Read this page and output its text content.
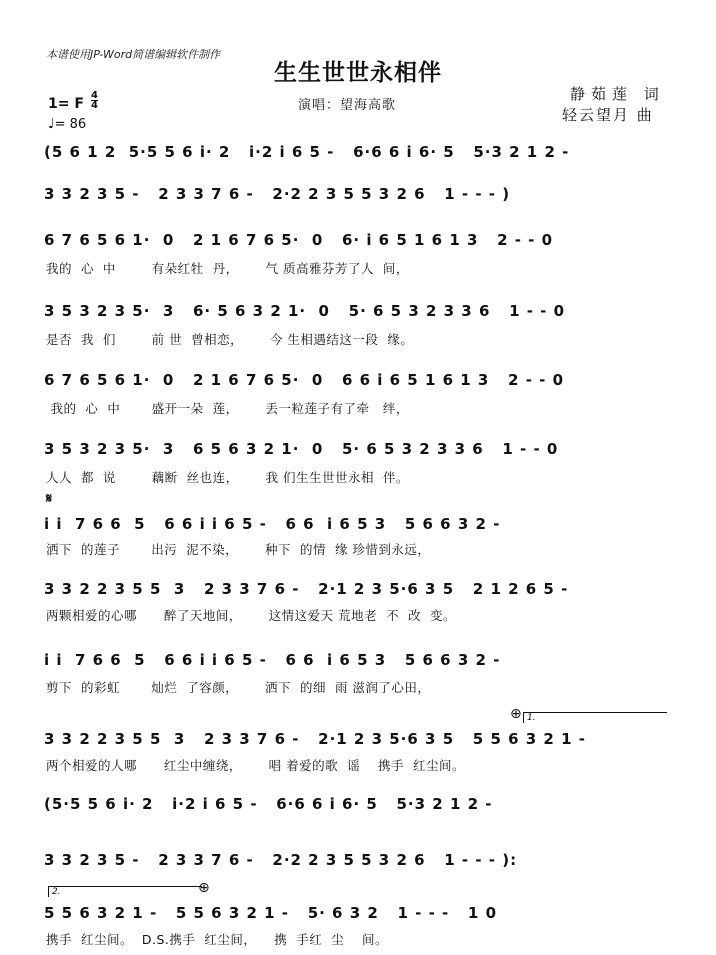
本谱使用JP-Word简谱编辑软件制作
生生世世永相伴
静茹莲 词
轻云望月 曲
演唱：望海高歌
1= F $\frac{4}{4}$
♩= 86
(5 6 1 2  5·5 5 6 i· 2   i·2 i 6 5 -   6·6 6 i 6· 5   5·3 2 1 2 -
3 3 2 3 5 -   2 3 3 7 6 -   2·2 2 3 5 5 3 2 6   1 - - - )
6 7 6 5 6 1·  0   2 1 6 7 6 5·  0   6· i 6 5 1 6 1 3   2 - - 0
我的  心  中        有朵红牡  丹，      气 质高雅芬芳了人  间，
3 5 3 2 3 5·  3   6· 5 6 3 2 1·  0   5· 6 5 3 2 3 3 6   1 - - 0
是否  我  们        前 世  曾相恋，      今 生相遇结这一段  缘。
6 7 6 5 6 1·  0   2 1 6 7 6 5·  0   6 6 i 6 5 1 6 1 3   2 - - 0
我的  心  中       盛开一朵  莲，      丢一粒莲子有了牵   绊，
3 5 3 2 3 5·  3   6 5 6 3 2 1·  0   5· 6 5 3 2 3 3 6   1 - - 0
人人  都  说        藕断  丝也连，      我 们生生世世永相  伴。
𝄋
i i  7 6 6  5   6 6 i i 6 5 -   6 6  i 6 5 3   5 6 6 3 2 -
洒下  的莲子       出污  泥不染，      种下  的情  缘 珍惜到永远，
3 3 2 2 3 5 5  3   2 3 3 7 6 -   2·1 2 3 5·6 3 5   2 1 2 6 5 -
两颗相爱的心哪      醉了天地间，      这情这爱天 荒地老  不  改  变。
i i  7 6 6  5   6 6 i i 6 5 -   6 6  i 6 5 3   5 6 6 3 2 -
剪下  的彩虹       灿烂  了容颜，      洒下  的细  雨 滋润了心田，
⊕ 1.
3 3 2 2 3 5 5  3   2 3 3 7 6 -   2·1 2 3 5·6 3 5   5 5 6 3 2 1 -
两个相爱的人哪      红尘中缠绕，      唱 着爱的歌  谣    携手  红尘间。
(5·5 5 6 i· 2   i·2 i 6 5 -   6·6 6 i 6· 5   5·3 2 1 2 -
3 3 2 3 5 -   2 3 3 7 6 -   2·2 2 3 5 5 3 2 6   1 - - - ):
2.	⊕
5 5 6 3 2 1 -   5 5 6 3 2 1 -   5· 6 3 2   1 - - -   1 0
携手  红尘间。  D.S.携手  红尘间，    携  手红  尘    间。
